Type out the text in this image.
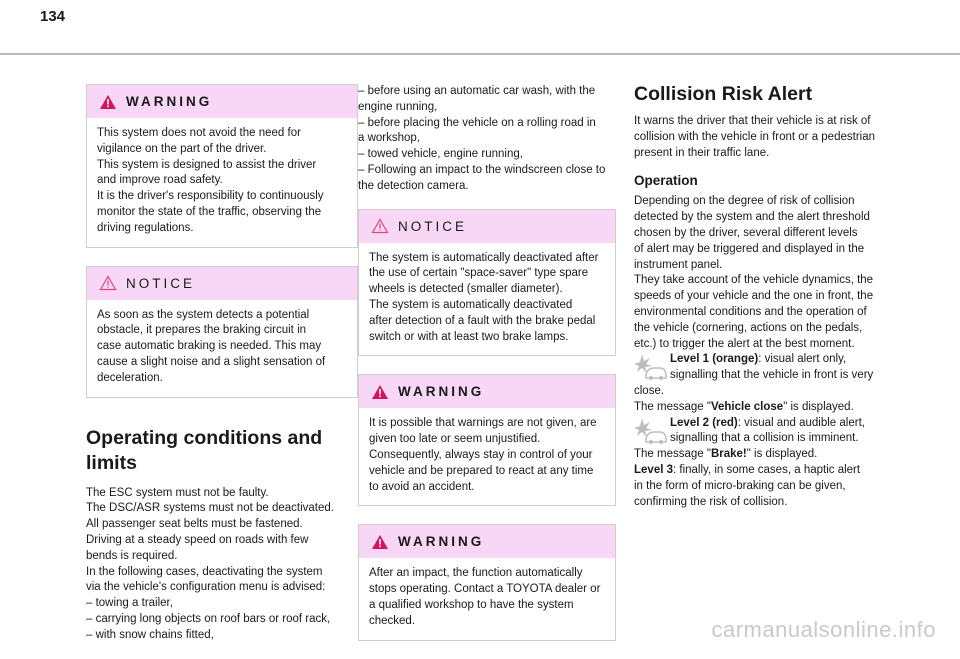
134
WARNING

This system does not avoid the need for

vigilance on the part of the driver.

This system is designed to assist the driver

and improve road safety.

It is the driver's responsibility to continuously

monitor the state of the traffic, observing the

driving regulations.

NOTICE

As soon as the system detects a potential

obstacle, it prepares the braking circuit in

case automatic braking is needed. This may

cause a slight noise and a slight sensation of

deceleration.

Operating conditions and limits

The ESC system must not be faulty.

The DSC/ASR systems must not be deactivated.

All passenger seat belts must be fastened.

Driving at a steady speed on roads with few

bends is required.

In the following cases, deactivating the system

via the vehicle's configuration menu is advised:

– towing a trailer,

– carrying long objects on roof bars or roof rack,

– with snow chains fitted,

– before using an automatic car wash, with the

engine running,

– before placing the vehicle on a rolling road in

a workshop,

– towed vehicle, engine running,

– Following an impact to the windscreen close to

the detection camera.

NOTICE

The system is automatically deactivated after

the use of certain "space-saver" type spare

wheels is detected (smaller diameter).

The system is automatically deactivated

after detection of a fault with the brake pedal

switch or with at least two brake lamps.

WARNING

It is possible that warnings are not given, are

given too late or seem unjustified.

Consequently, always stay in control of your

vehicle and be prepared to react at any time

to avoid an accident.

WARNING

After an impact, the function automatically

stops operating. Contact a TOYOTA dealer or

a qualified workshop to have the system

checked.

Collision Risk Alert

It warns the driver that their vehicle is at risk of

collision with the vehicle in front or a pedestrian

present in their traffic lane.

Operation

Depending on the degree of risk of collision

detected by the system and the alert threshold

chosen by the driver, several different levels

of alert may be triggered and displayed in the

instrument panel.

They take account of the vehicle dynamics, the

speeds of your vehicle and the one in front, the

environmental conditions and the operation of

the vehicle (cornering, actions on the pedals,

etc.) to trigger the alert at the best moment.

Level 1 (orange): visual alert only,

signalling that the vehicle in front is very

close.

The message "Vehicle close" is displayed.

Level 2 (red): visual and audible alert,

signalling that a collision is imminent.

The message "Brake!" is displayed.

Level 3: finally, in some cases, a haptic alert

in the form of micro-braking can be given,

confirming the risk of collision.

carmanualsonline.info
